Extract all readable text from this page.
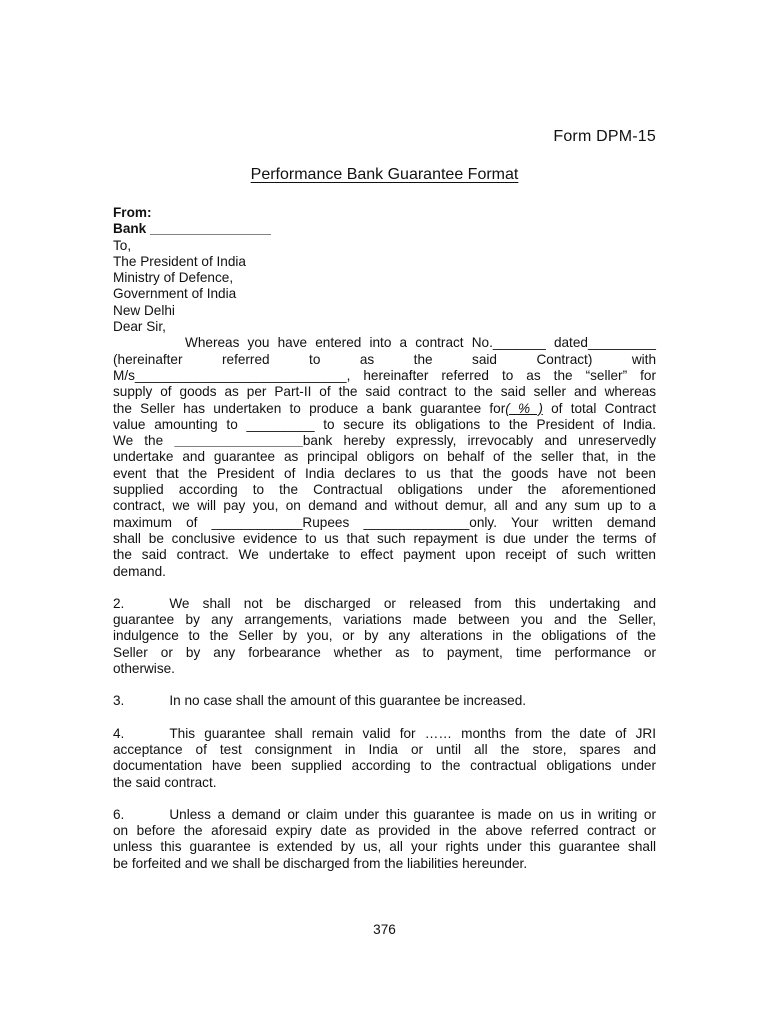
Form DPM-15
Performance Bank Guarantee Format
From:
Bank ________________
To,
The President of India
Ministry of Defence,
Government of India
New Delhi
Dear Sir,
Whereas you have entered into a contract No._______ dated_________
(hereinafter referred to as the said Contract) with
M/s____________________________, hereinafter referred to as the “seller” for
supply of goods as per Part-II of the said contract to the said seller and whereas
the Seller has undertaken to produce a bank guarantee for( % ) of total Contract
value amounting to _________ to secure its obligations to the President of India.
We the _________________bank hereby expressly, irrevocably and unreservedly
undertake and guarantee as principal obligors on behalf of the seller that, in the
event that the President of India declares to us that the goods have not been
supplied according to the Contractual obligations under the aforementioned
contract, we will pay you, on demand and without demur, all and any sum up to a
maximum of ____________Rupees ______________only. Your written demand
shall be conclusive evidence to us that such repayment is due under the terms of
the said contract. We undertake to effect payment upon receipt of such written
demand.
2.	We shall not be discharged or released from this undertaking and
guarantee by any arrangements, variations made between you and the Seller,
indulgence to the Seller by you, or by any alterations in the obligations of the
Seller or by any forbearance whether as to payment, time performance or
otherwise.
3.	In no case shall the amount of this guarantee be increased.
4.	This guarantee shall remain valid for …… months from the date of JRI
acceptance of test consignment in India or until all the store, spares and
documentation have been supplied according to the contractual obligations under
the said contract.
6.	Unless a demand or claim under this guarantee is made on us in writing or
on before the aforesaid expiry date as provided in the above referred contract or
unless this guarantee is extended by us, all your rights under this guarantee shall
be forfeited and we shall be discharged from the liabilities hereunder.
376
